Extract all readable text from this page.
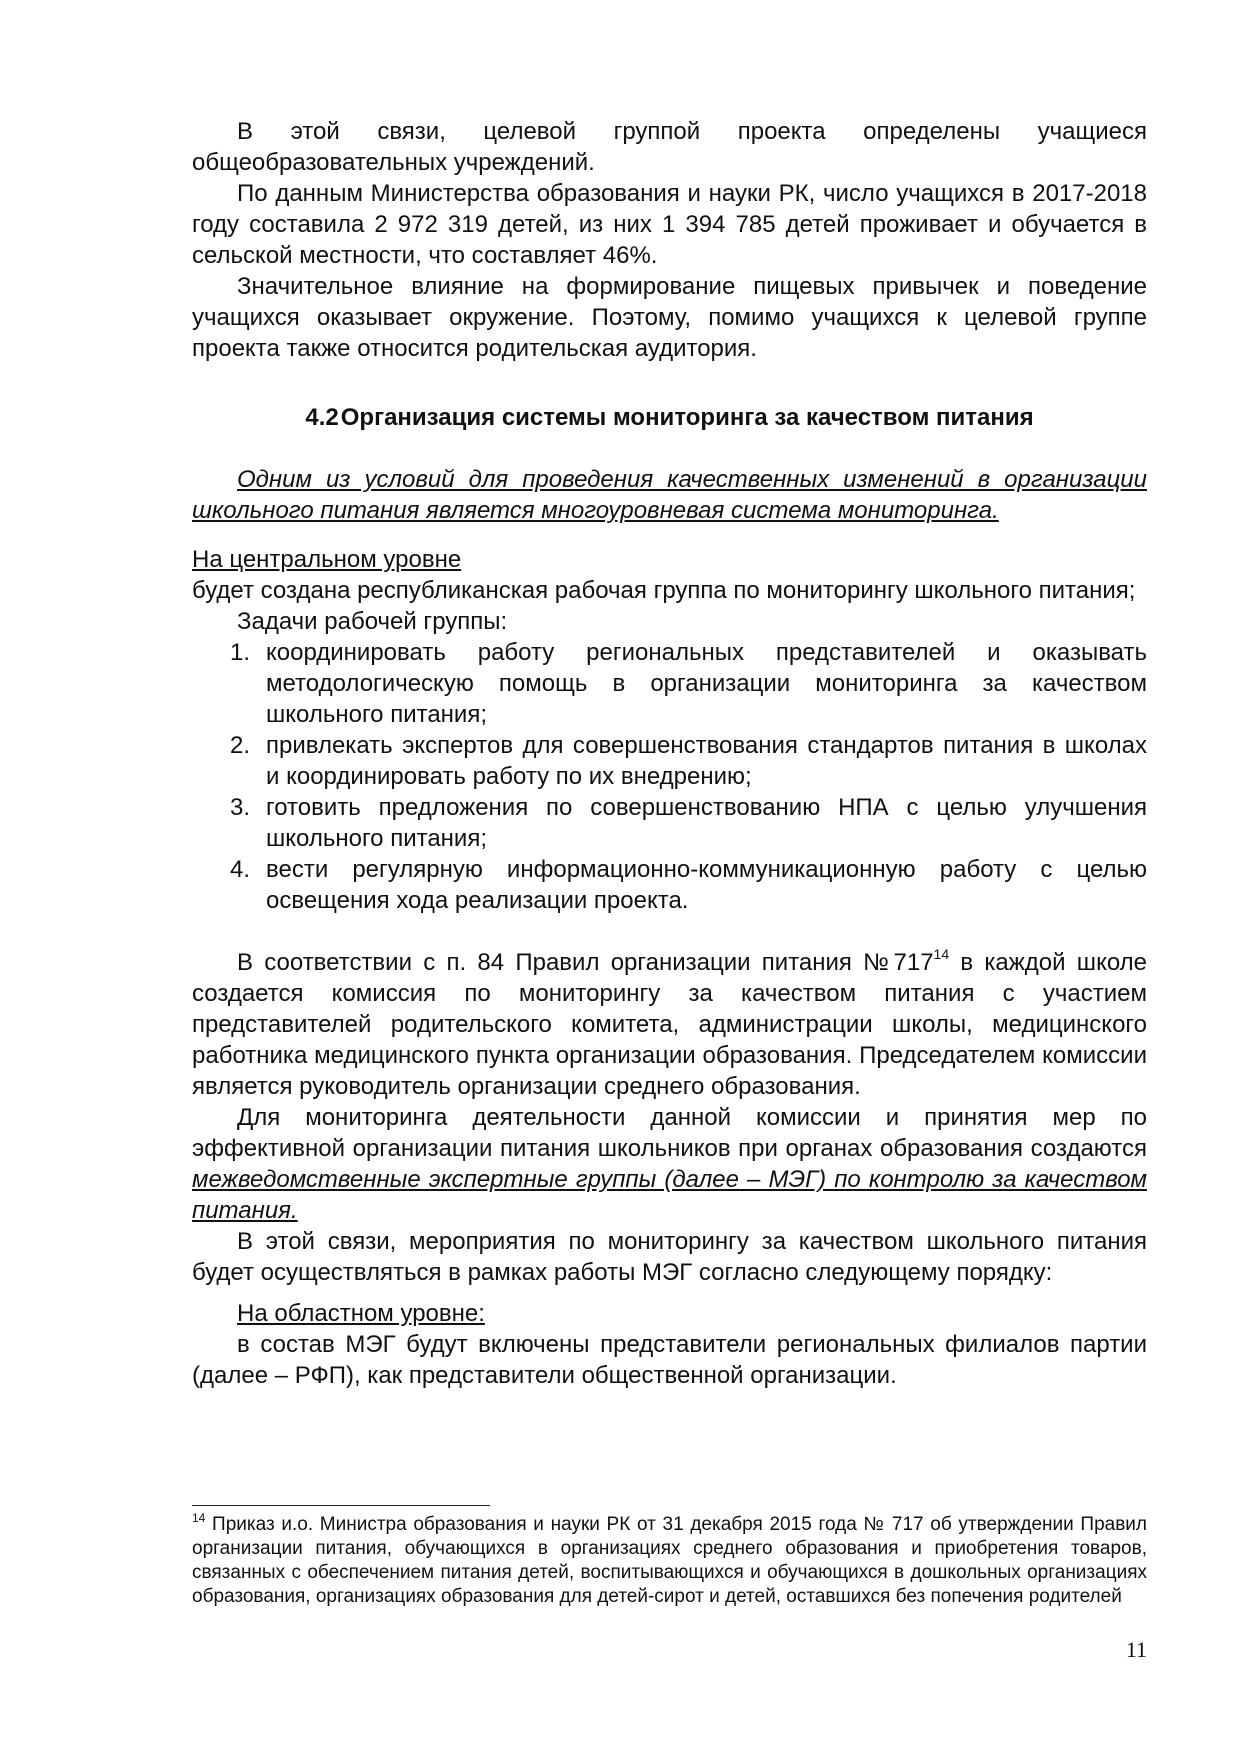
В этой связи, целевой группой проекта определены учащиеся общеобразовательных учреждений.

По данным Министерства образования и науки РК, число учащихся в 2017-2018 году составила 2 972 319 детей, из них 1 394 785 детей проживает и обучается в сельской местности, что составляет 46%.

Значительное влияние на формирование пищевых привычек и поведение учащихся оказывает окружение. Поэтому, помимо учащихся к целевой группе проекта также относится родительская аудитория.

4.2Организация системы мониторинга за качеством питания

Одним из условий для проведения качественных изменений в организации школьного питания является многоуровневая система мониторинга.

На центральном уровне

будет создана республиканская рабочая группа по мониторингу школьного питания;

Задачи рабочей группы:

1. координировать работу региональных представителей и оказывать методологическую помощь в организации мониторинга за качеством школьного питания;
2. привлекать экспертов для совершенствования стандартов питания в школах и координировать работу по их внедрению;
3. готовить предложения по совершенствованию НПА с целью улучшения школьного питания;
4. вести регулярную информационно-коммуникационную работу с целью освещения хода реализации проекта.

В соответствии с п. 84 Правил организации питания $№717^{14}$ в каждой школе создается комиссия по мониторингу за качеством питания с участием представителей родительского комитета, администрации школы, медицинского работника медицинского пункта организации образования. Председателем комиссии является руководитель организации среднего образования.

Для мониторинга деятельности данной комиссии и принятия мер по эффективной организации питания школьников при органах образования создаются межведомственные экспертные группы (далее – МЭГ) по контролю за качеством питания.

В этой связи, мероприятия по мониторингу за качеством школьного питания будет осуществляться в рамках работы МЭГ согласно следующему порядку:

На областном уровне:

в состав МЭГ будут включены представители региональных филиалов партии (далее – РФП), как представители общественной организации.

$^{14}$ Приказ и.о. Министра образования и науки РК от 31 декабря 2015 года № 717 об утверждении Правил организации питания, обучающихся в организациях среднего образования и приобретения товаров, связанных с обеспечением питания детей, воспитывающихся и обучающихся в дошкольных организациях образования, организациях образования для детей-сирот и детей, оставшихся без попечения родителей

11
